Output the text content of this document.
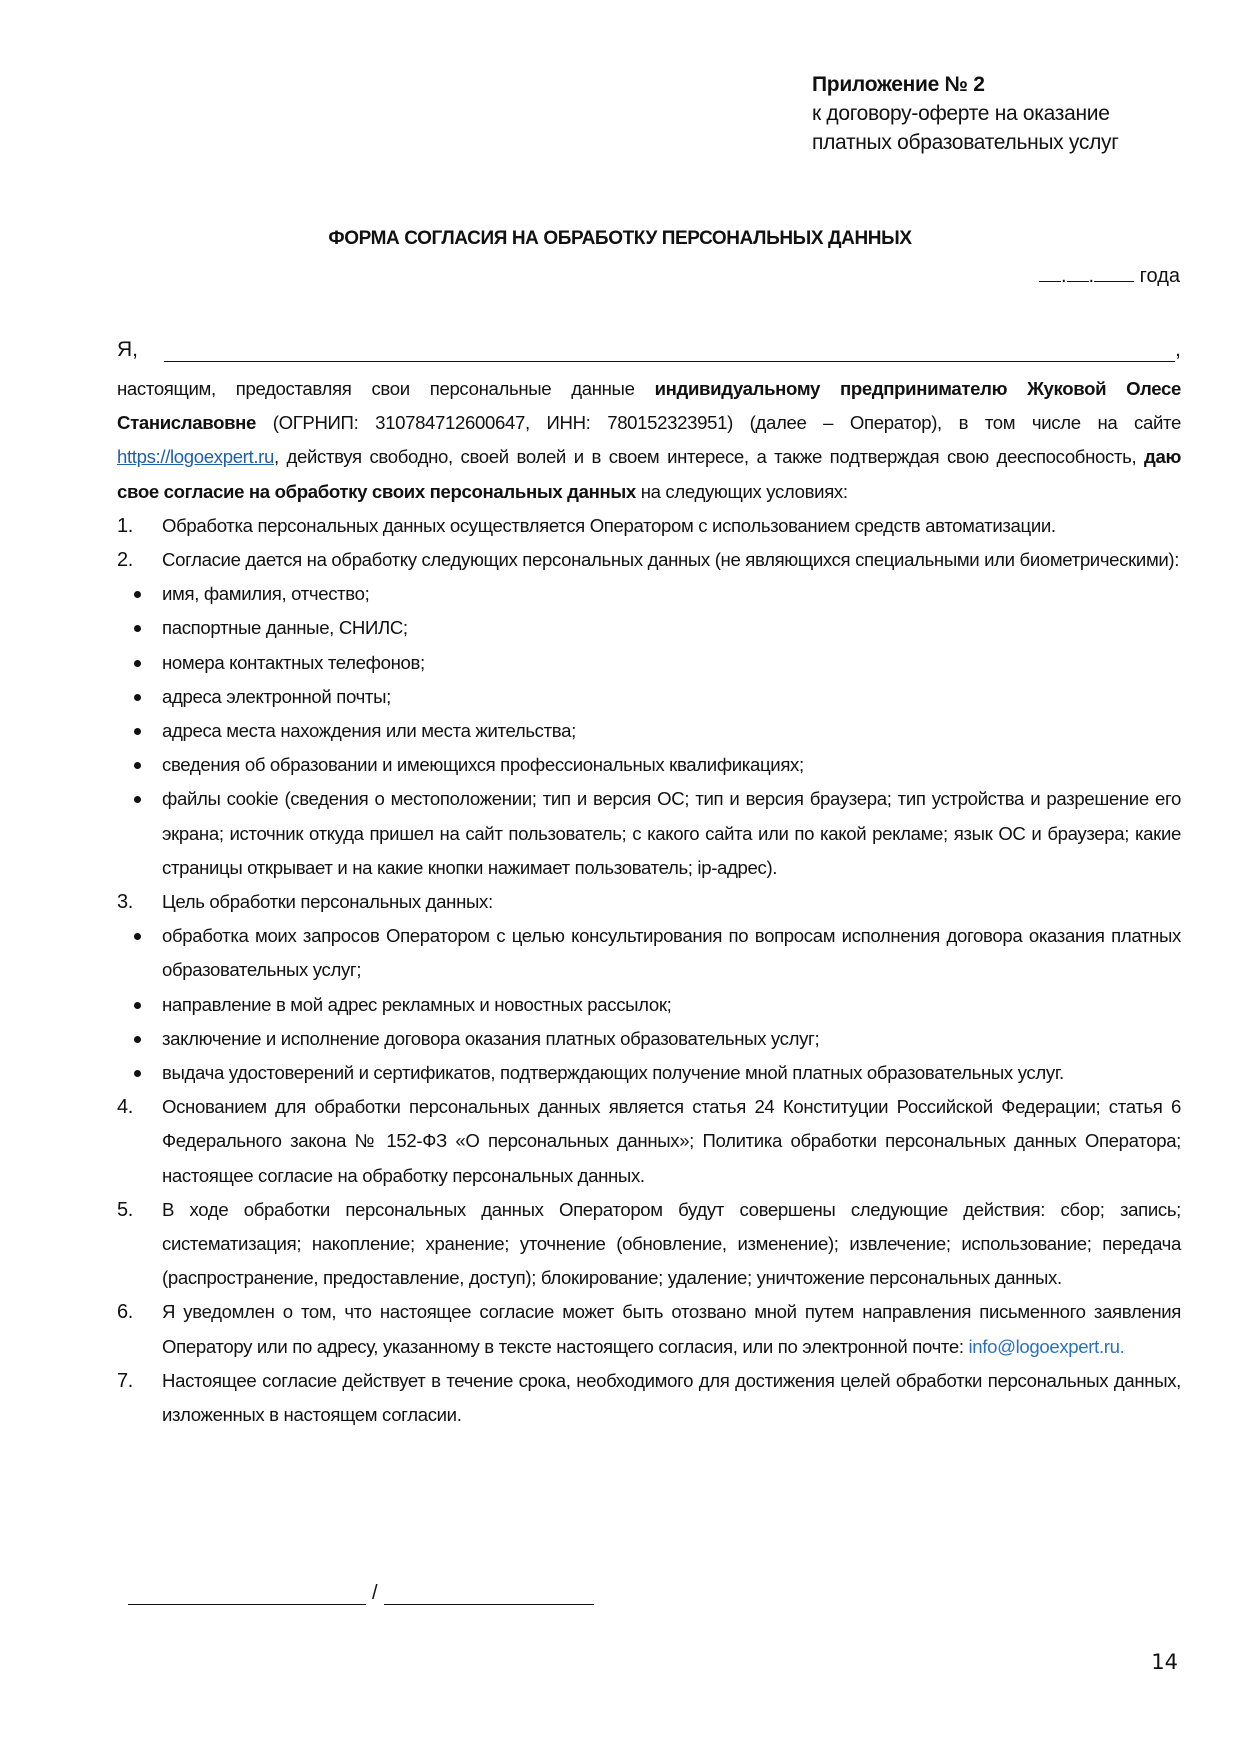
Приложение № 2
к договору-оферте на оказание
платных образовательных услуг
ФОРМА СОГЛАСИЯ НА ОБРАБОТКУ ПЕРСОНАЛЬНЫХ ДАННЫХ
. . года
Я,	,

настоящим, предоставляя свои персональные данные индивидуальному предпринимателю Жуковой Олесе Станиславовне (ОГРНИП: 310784712600647, ИНН: 780152323951) (далее – Оператор), в том числе на сайте https://logoexpert.ru, действуя свободно, своей волей и в своем интересе, а также подтверждая свою дееспособность, даю свое согласие на обработку своих персональных данных на следующих условиях:

1. Обработка персональных данных осуществляется Оператором с использованием средств автоматизации.
2. Согласие дается на обработку следующих персональных данных (не являющихся специальными или биометрическими):
имя, фамилия, отчество;
паспортные данные, СНИЛС;
номера контактных телефонов;
адреса электронной почты;
адреса места нахождения или места жительства;
сведения об образовании и имеющихся профессиональных квалификациях;
файлы cookie (сведения о местоположении; тип и версия ОС; тип и версия браузера; тип устройства и разрешение его экрана; источник откуда пришел на сайт пользователь; с какого сайта или по какой рекламе; язык ОС и браузера; какие страницы открывает и на какие кнопки нажимает пользователь; ip-адрес).
3. Цель обработки персональных данных:
обработка моих запросов Оператором с целью консультирования по вопросам исполнения договора оказания платных образовательных услуг;
направление в мой адрес рекламных и новостных рассылок;
заключение и исполнение договора оказания платных образовательных услуг;
выдача удостоверений и сертификатов, подтверждающих получение мной платных образовательных услуг.
4. Основанием для обработки персональных данных является статья 24 Конституции Российской Федерации; статья 6 Федерального закона № 152-ФЗ «О персональных данных»; Политика обработки персональных данных Оператора; настоящее согласие на обработку персональных данных.
5. В ходе обработки персональных данных Оператором будут совершены следующие действия: сбор; запись; систематизация; накопление; хранение; уточнение (обновление, изменение); извлечение; использование; передача (распространение, предоставление, доступ); блокирование; удаление; уничтожение персональных данных.
6. Я уведомлен о том, что настоящее согласие может быть отозвано мной путем направления письменного заявления Оператору или по адресу, указанному в тексте настоящего согласия, или по электронной почте: info@logoexpert.ru.
7. Настоящее согласие действует в течение срока, необходимого для достижения целей обработки персональных данных, изложенных в настоящем согласии.
/
14
